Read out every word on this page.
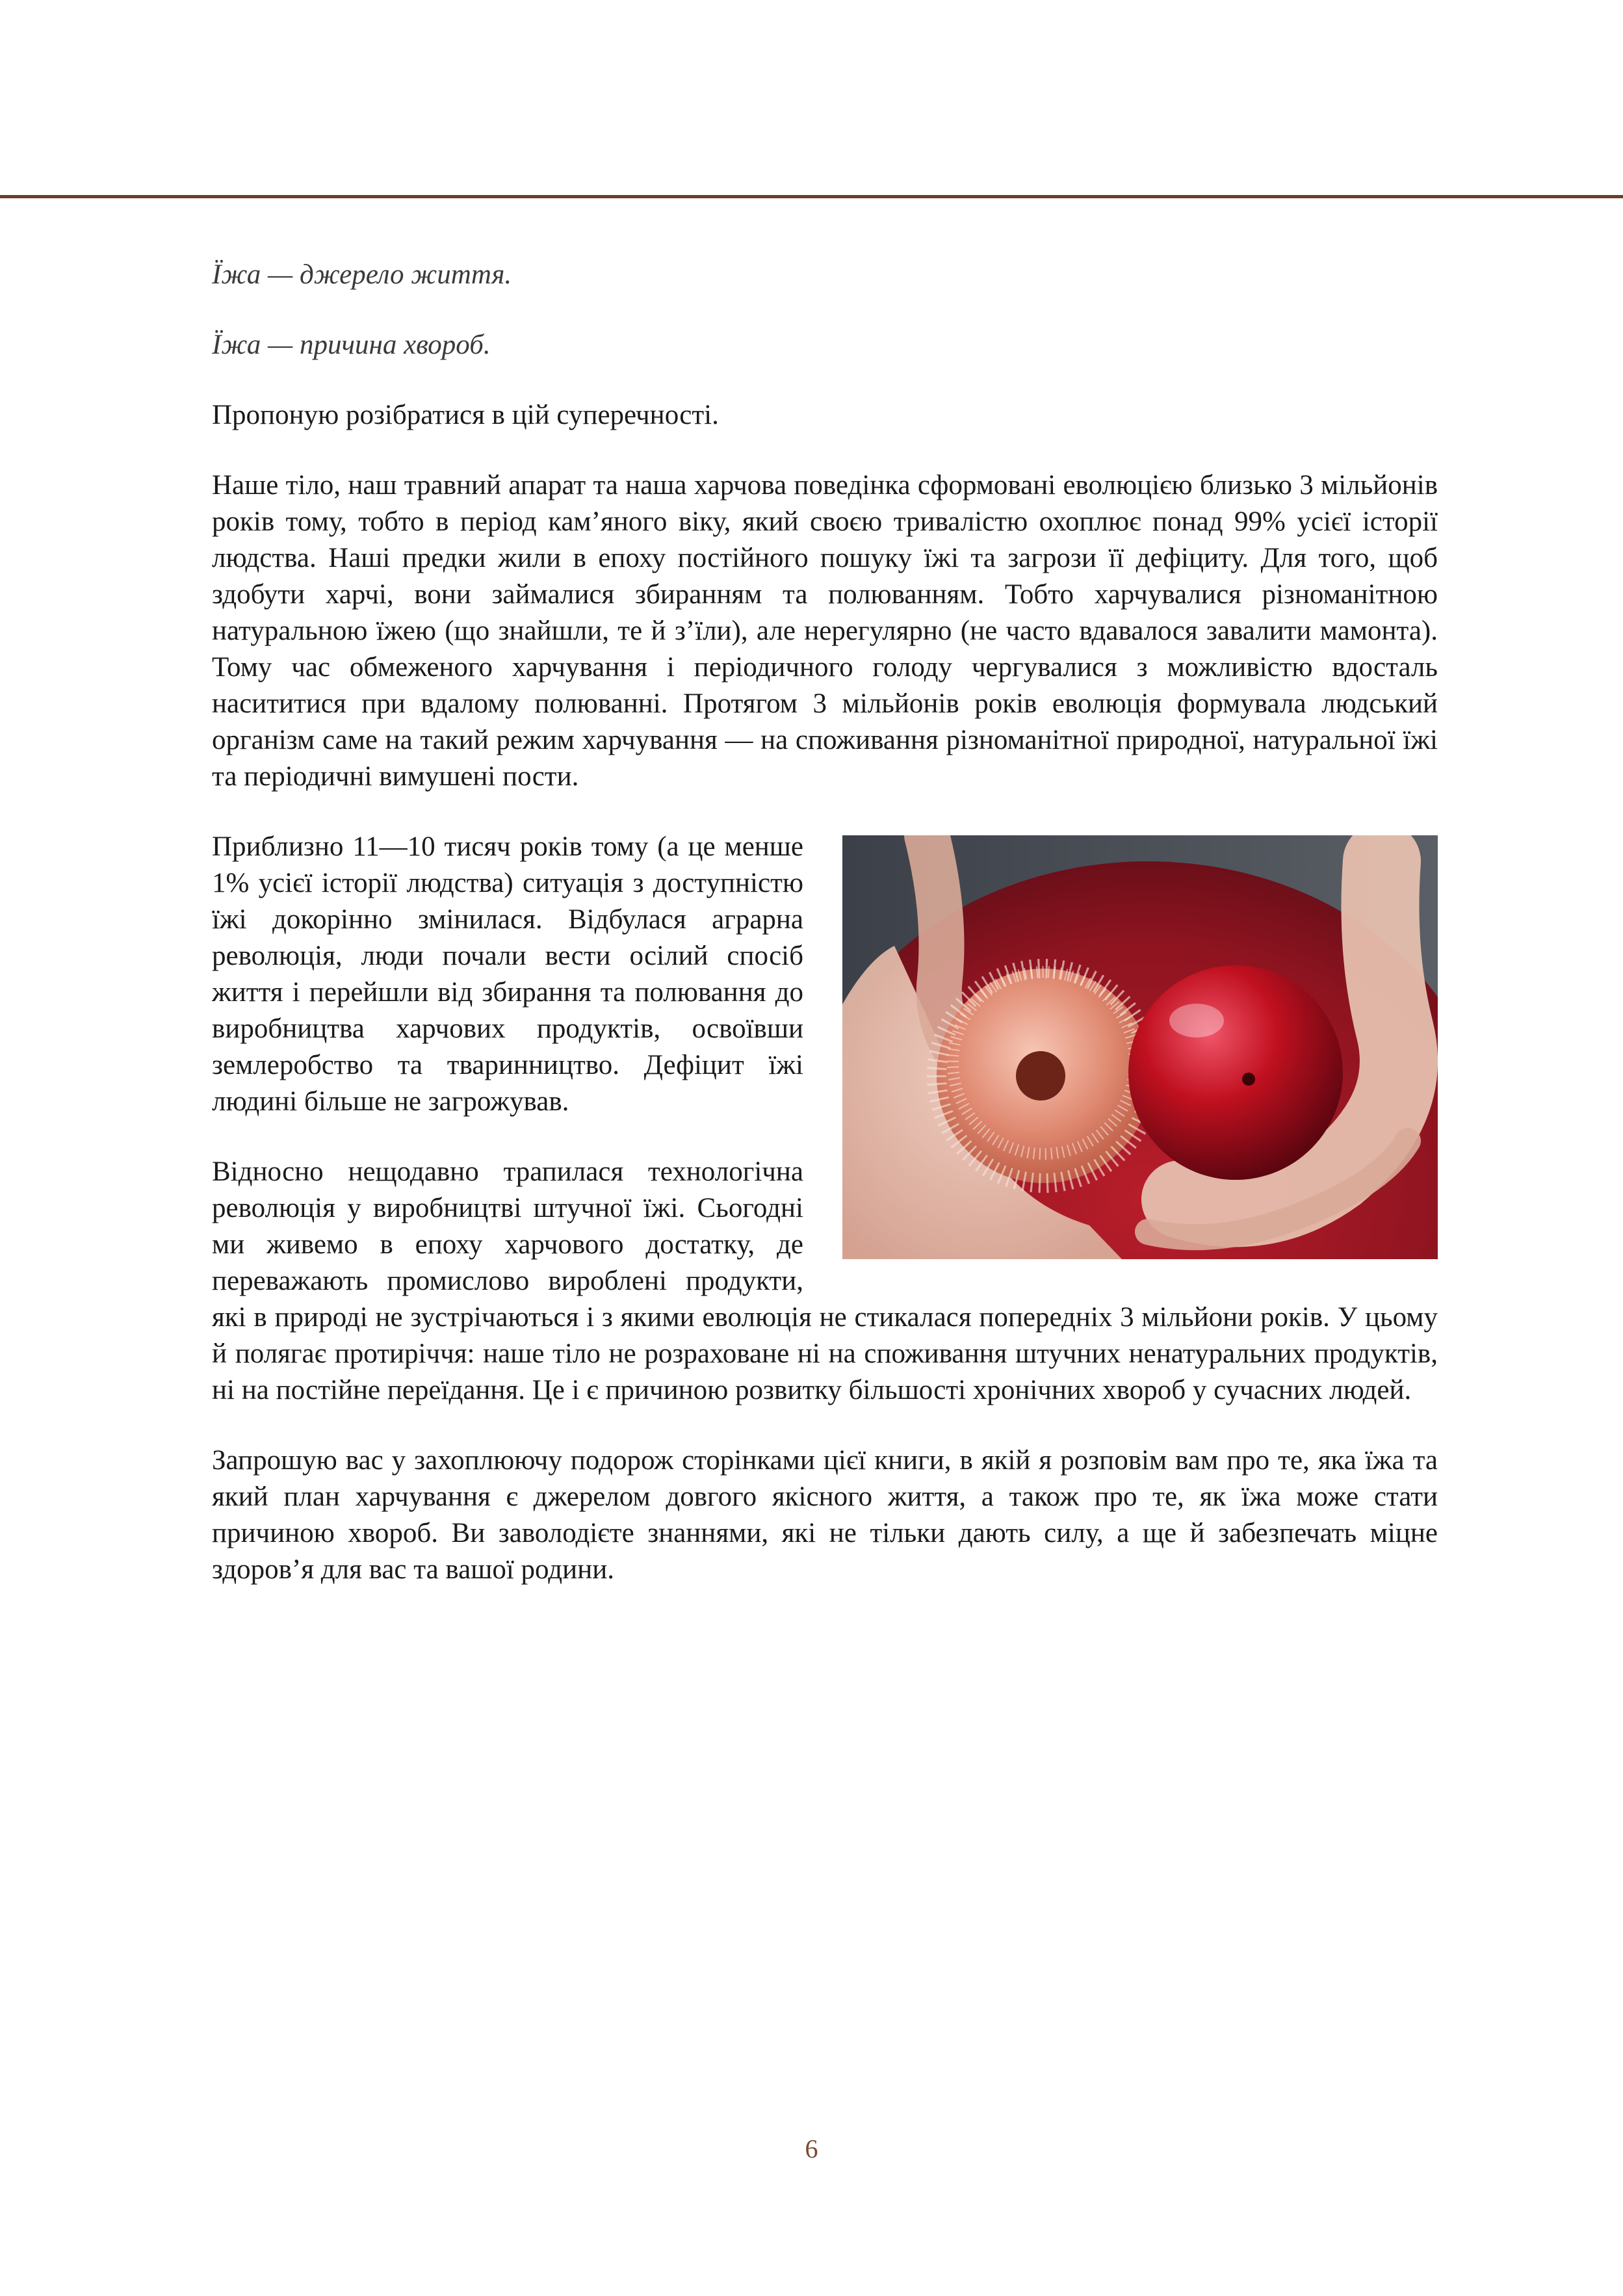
Їжа — джерело життя.

Їжа — причина хвороб.

Пропоную розібратися в цій суперечності.

Наше тіло, наш травний апарат та наша харчова поведінка сформовані еволюцією близько 3 мільйонів років тому, тобто в період кам’яного віку, який своєю тривалістю охоплює понад 99% усієї історії людства. Наші предки жили в епоху постійного пошуку їжі та загрози її дефіциту. Для того, щоб здобути харчі, вони займалися збиранням та полюванням. Тобто харчувалися різноманітною натуральною їжею (що знайшли, те й з’їли), але нерегулярно (не часто вдавалося завалити мамонта). Тому час обмеженого харчування і періодичного голоду чергувалися з можливістю вдосталь насититися при вдалому полюванні. Протягом 3 мільйонів років еволюція формувала людський організм саме на такий режим харчування — на споживання різноманітної природної, натуральної їжі та періодичні вимушені пости.

Приблизно 11—10 тисяч років тому (а це менше 1% усієї історії людства) ситуація з доступністю їжі докорінно змінилася. Відбулася аграрна революція, люди почали вести осілий спосіб життя і перейшли від збирання та полювання до виробництва харчових продуктів, освоївши землеробство та тваринництво. Дефіцит їжі людині більше не загрожував.

Відносно нещодавно трапилася технологічна революція у виробництві штучної їжі. Сьогодні ми живемо в епоху харчового достатку, де переважають промислово вироблені продукти, які в природі не зустрічаються і з якими еволюція не стикалася попередніх 3 мільйони років. У цьому й полягає протиріччя: наше тіло не розраховане ні на споживання штучних ненатуральних продуктів, ні на постійне переїдання. Це і є причиною розвитку більшості хронічних хвороб у сучасних людей.

Запрошую вас у захоплюючу подорож сторінками цієї книги, в якій я розповім вам про те, яка їжа та який план харчування є джерелом довгого якісного життя, а також про те, як їжа може стати причиною хвороб. Ви заволодієте знаннями, які не тільки дають силу, а ще й забезпечать міцне здоров’я для вас та вашої родини.

6
